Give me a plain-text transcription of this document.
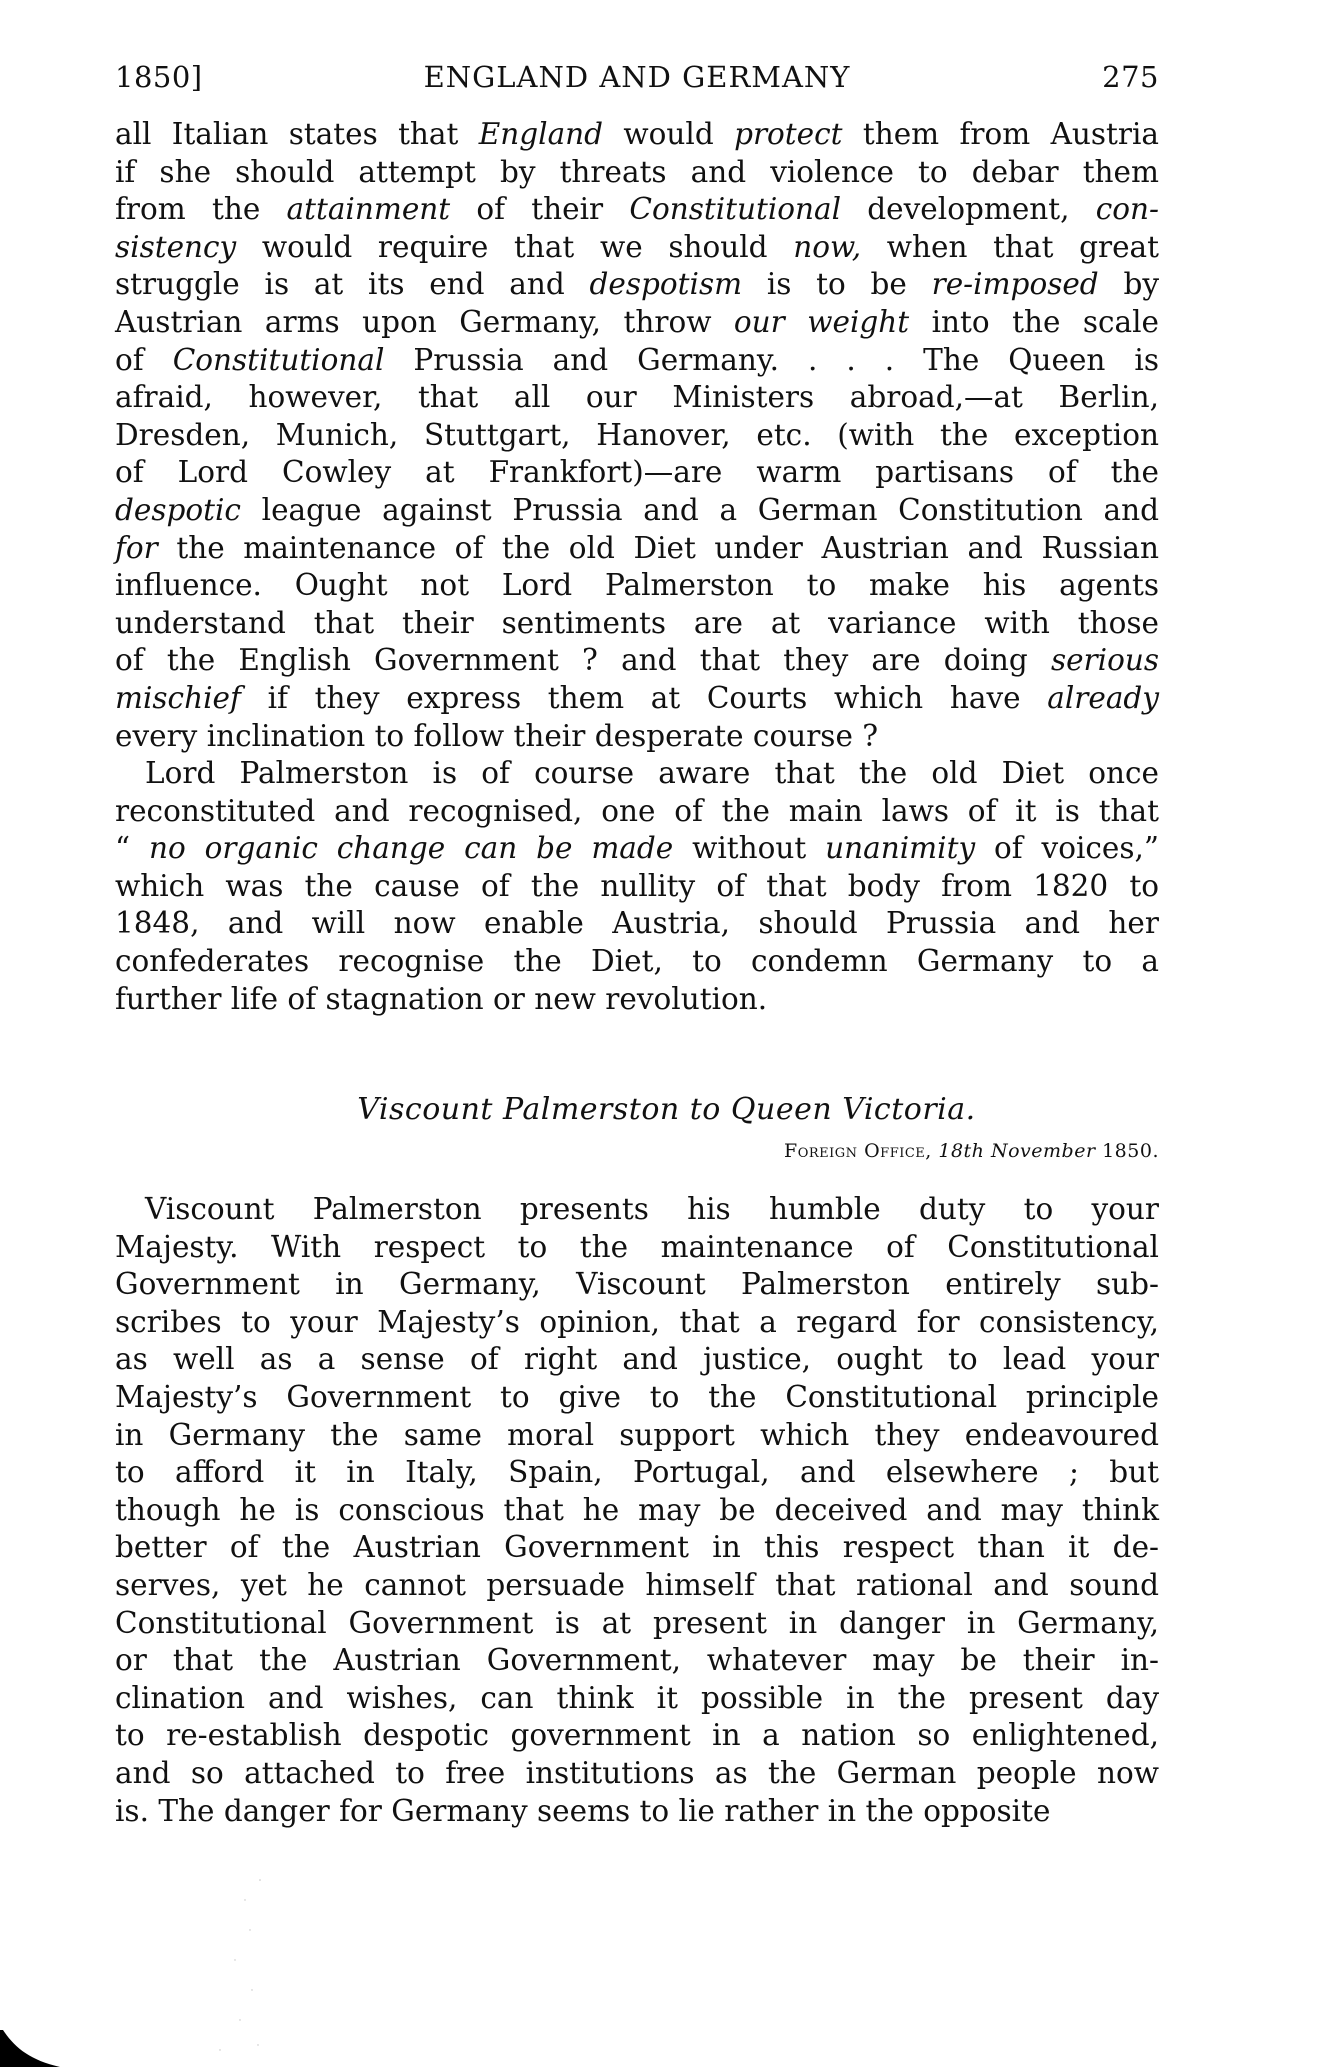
1850]	ENGLAND AND GERMANY	275
all Italian states that England would protect them from Austria
if she should attempt by threats and violence to debar them
from the attainment of their Constitutional development, con-
sistency would require that we should now, when that great
struggle is at its end and despotism is to be re-imposed by
Austrian arms upon Germany, throw our weight into the scale
of Constitutional Prussia and Germany. . . . The Queen is
afraid, however, that all our Ministers abroad,—at Berlin,
Dresden, Munich, Stuttgart, Hanover, etc. (with the exception
of Lord Cowley at Frankfort)—are warm partisans of the
despotic league against Prussia and a German Constitution and
for the maintenance of the old Diet under Austrian and Russian
influence. Ought not Lord Palmerston to make his agents
understand that their sentiments are at variance with those
of the English Government ? and that they are doing serious
mischief if they express them at Courts which have already
every inclination to follow their desperate course ?
Lord Palmerston is of course aware that the old Diet once
reconstituted and recognised, one of the main laws of it is that
“ no organic change can be made without unanimity of voices,”
which was the cause of the nullity of that body from 1820 to
1848, and will now enable Austria, should Prussia and her
confederates recognise the Diet, to condemn Germany to a
further life of stagnation or new revolution.
Viscount Palmerston to Queen Victoria.
Foreign Office, 18th November 1850.
Viscount Palmerston presents his humble duty to your
Majesty. With respect to the maintenance of Constitutional
Government in Germany, Viscount Palmerston entirely sub-
scribes to your Majesty’s opinion, that a regard for consistency,
as well as a sense of right and justice, ought to lead your
Majesty’s Government to give to the Constitutional principle
in Germany the same moral support which they endeavoured
to afford it in Italy, Spain, Portugal, and elsewhere ; but
though he is conscious that he may be deceived and may think
better of the Austrian Government in this respect than it de-
serves, yet he cannot persuade himself that rational and sound
Constitutional Government is at present in danger in Germany,
or that the Austrian Government, whatever may be their in-
clination and wishes, can think it possible in the present day
to re-establish despotic government in a nation so enlightened,
and so attached to free institutions as the German people now
is. The danger for Germany seems to lie rather in the opposite
